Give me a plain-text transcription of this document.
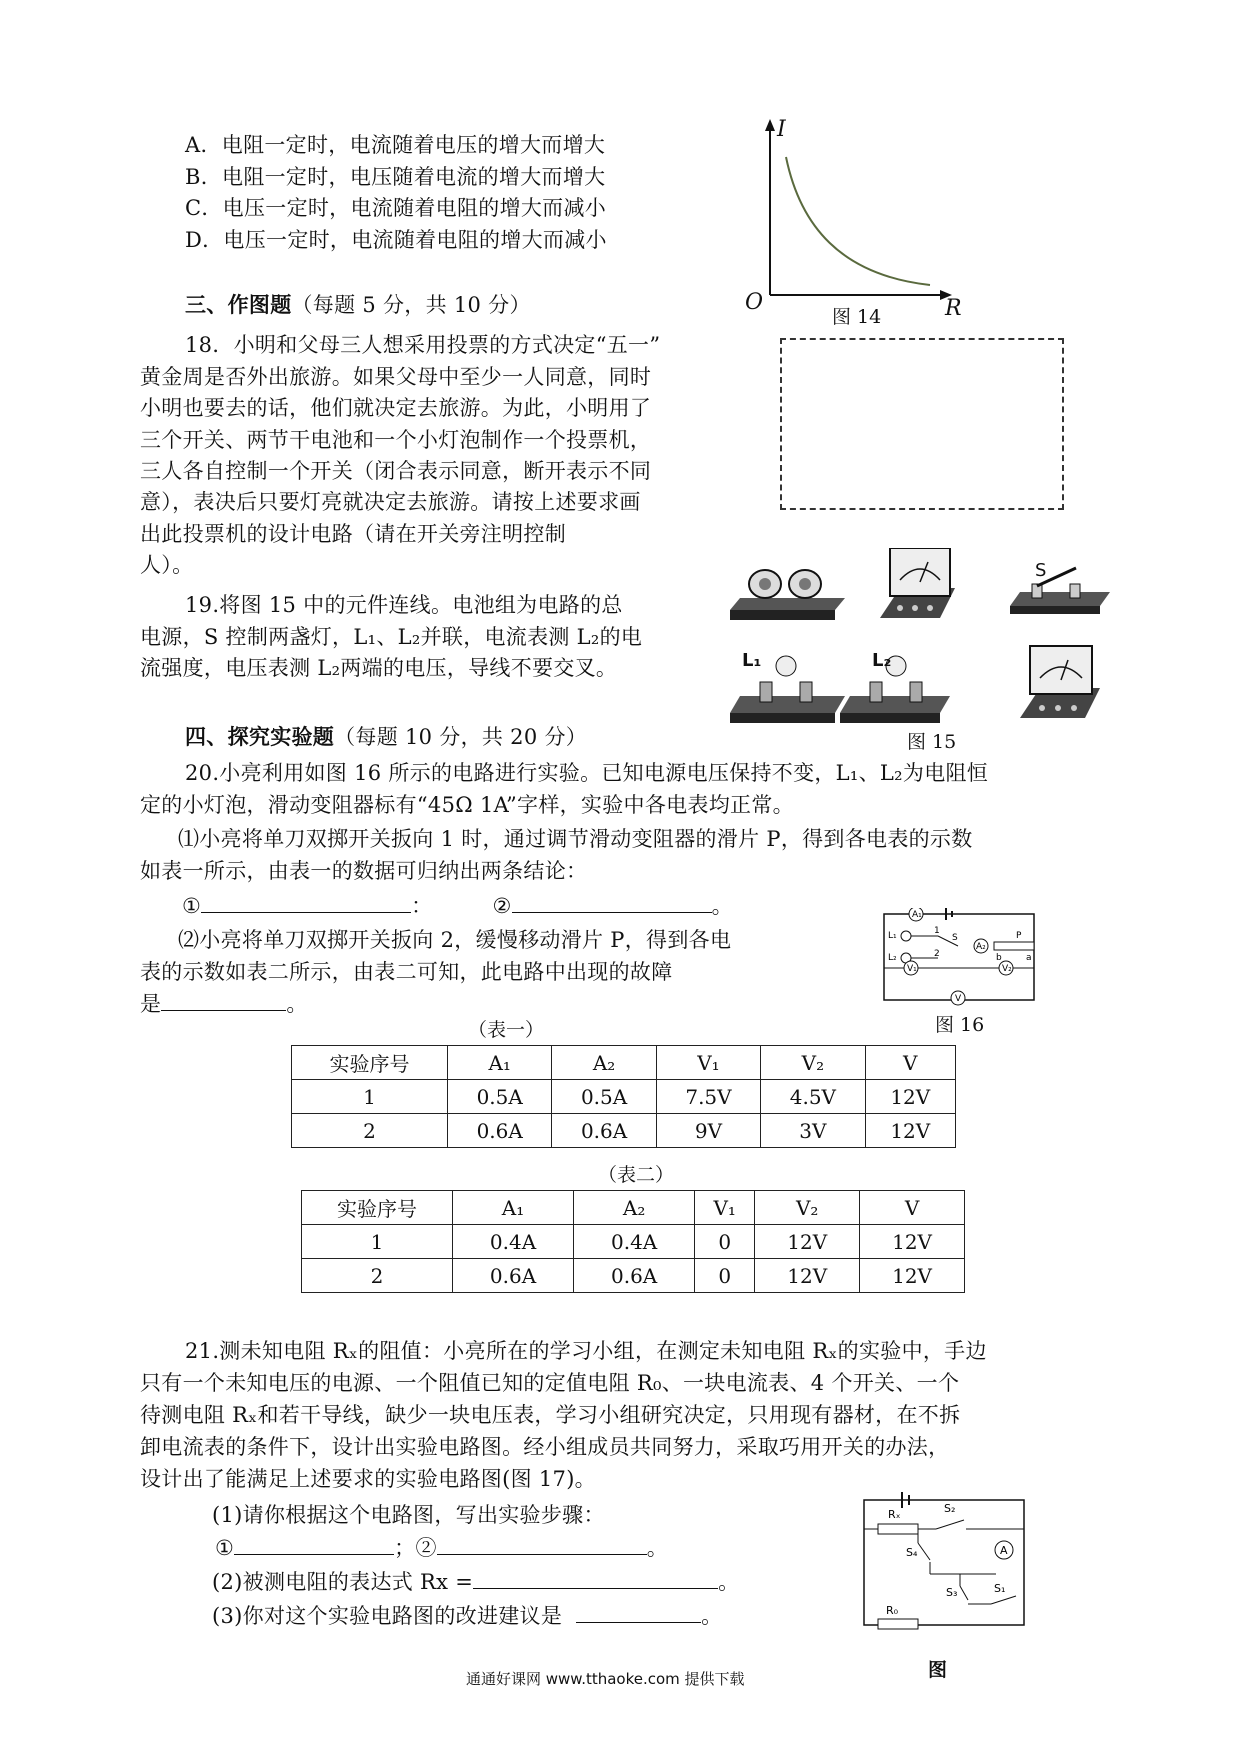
A．电阻一定时，电流随着电压的增大而增大
B．电阻一定时，电压随着电流的增大而增大
C．电压一定时，电流随着电阻的增大而减小
D．电压一定时，电流随着电阻的增大而减小
I
O	R
图 14
三、作图题（每题 5 分，共 10 分）
18．小明和父母三人想采用投票的方式决定“五一”
黄金周是否外出旅游。如果父母中至少一人同意，同时
小明也要去的话，他们就决定去旅游。为此，小明用了
三个开关、两节干电池和一个小灯泡制作一个投票机，
三人各自控制一个开关（闭合表示同意，断开表示不同
意），表决后只要灯亮就决定去旅游。请按上述要求画
出此投票机的设计电路（请在开关旁注明控制
人）。
19.将图 15 中的元件连线。电池组为电路的总
电源，S 控制两盏灯，L₁、L₂并联，电流表测 L₂的电
流强度，电压表测 L₂两端的电压，导线不要交叉。
S
L₁	L₂
图 15
四、探究实验题（每题 10 分，共 20 分）
20.小亮利用如图 16 所示的电路进行实验。已知电源电压保持不变，L₁、L₂为电阻恒
定的小灯泡，滑动变阻器标有“45Ω 1A”字样，实验中各电表均正常。
⑴小亮将单刀双掷开关扳向 1 时，通过调节滑动变阻器的滑片 P，得到各电表的示数
如表一所示，由表一的数据可归纳出两条结论：
①	：	②	。
⑵小亮将单刀双掷开关扳向 2，缓慢移动滑片 P，得到各电
表的示数如表二所示，由表二可知，此电路中出现的故障
是	。
A₁
L₁
L₂
1
2
S
A₂
P
b	a
V₁	V₂
V
图 16
（表一）
实验序号	A₁	A₂	V₁	V₂	V
1	0.5A	0.5A	7.5V	4.5V	12V
2	0.6A	0.6A	9V	3V	12V
（表二）
实验序号	A₁	A₂	V₁	V₂	V
1	0.4A	0.4A	0	12V	12V
2	0.6A	0.6A	0	12V	12V
21.测未知电阻 Rₓ的阻值：小亮所在的学习小组，在测定未知电阻 Rₓ的实验中，手边
只有一个未知电压的电源、一个阻值已知的定值电阻 R₀、一块电流表、4 个开关、一个
待测电阻 Rₓ和若干导线，缺少一块电压表，学习小组研究决定，只用现有器材，在不拆
卸电流表的条件下，设计出实验电路图。经小组成员共同努力，采取巧用开关的办法，
设计出了能满足上述要求的实验电路图(图 17)。
(1)请你根据这个电路图，写出实验步骤：
①	；②	。
(2)被测电阻的表达式 Rx =	。
(3)你对这个实验电路图的改进建议是	。
Rₓ	S₂
S₄	A
S₃	S₁
R₀
图
通通好课网 www.tthaoke.com 提供下载
